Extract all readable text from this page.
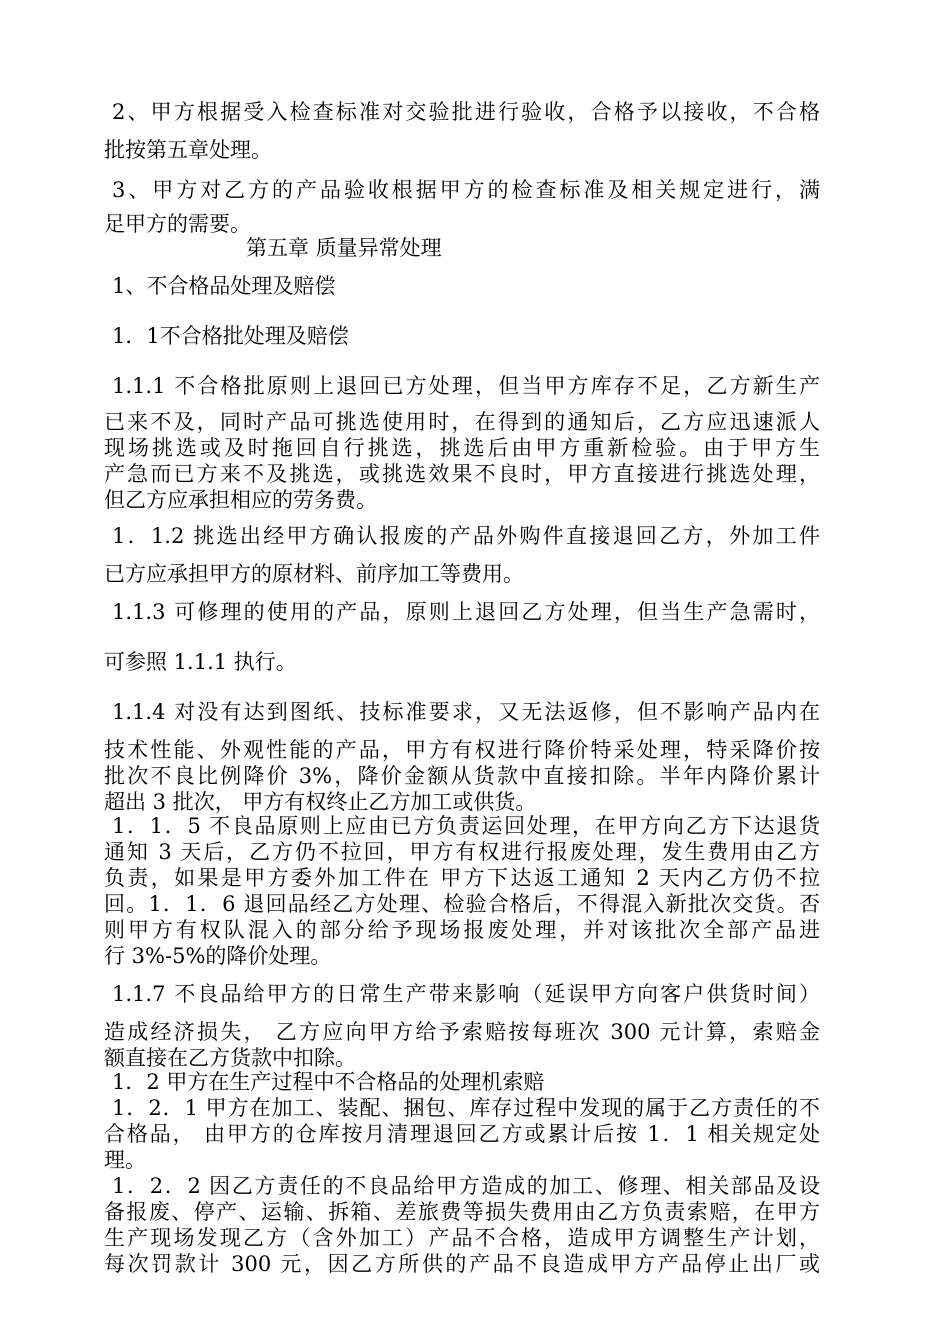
第五章 质量异常处理
2、甲方根据受入检查标准对交验批进行验收，合格予以接收，不合格
批按第五章处理。
3、甲方对乙方的产品验收根据甲方的检查标准及相关规定进行，满
足甲方的需要。
1、不合格品处理及赔偿
1．1不合格批处理及赔偿
1.1.1 不合格批原则上退回已方处理，但当甲方库存不足，乙方新生产
已来不及，同时产品可挑选使用时，在得到的通知后，乙方应迅速派人
现场挑选或及时拖回自行挑选，挑选后由甲方重新检验。由于甲方生
产急而已方来不及挑选，或挑选效果不良时，甲方直接进行挑选处理，
但乙方应承担相应的劳务费。
1．1.2 挑选出经甲方确认报废的产品外购件直接退回乙方，外加工件
已方应承担甲方的原材料、前序加工等费用。
1.1.3 可修理的使用的产品，原则上退回乙方处理，但当生产急需时，
可参照 1.1.1 执行。
1.1.4 对没有达到图纸、技标准要求，又无法返修，但不影响产品内在
技术性能、外观性能的产品，甲方有权进行降价特采处理，特采降价按
批次不良比例降价 3%，降价金额从货款中直接扣除。半年内降价累计
超出 3 批次， 甲方有权终止乙方加工或供货。
1．1．5 不良品原则上应由已方负责运回处理，在甲方向乙方下达退货
通知 3 天后，乙方仍不拉回，甲方有权进行报废处理，发生费用由乙方
负责，如果是甲方委外加工件在 甲方下达返工通知 2 天内乙方仍不拉
回。1．1．6 退回品经乙方处理、检验合格后，不得混入新批次交货。否
则甲方有权队混入的部分给予现场报废处理，并对该批次全部产品进
行 3%-5%的降价处理。
1.1.7 不良品给甲方的日常生产带来影响（延误甲方向客户供货时间）
造成经济损失， 乙方应向甲方给予索赔按每班次 300 元计算，索赔金
额直接在乙方货款中扣除。
1．2 甲方在生产过程中不合格品的处理机索赔
1．2．1 甲方在加工、装配、捆包、库存过程中发现的属于乙方责任的不
合格品， 由甲方的仓库按月清理退回乙方或累计后按 1．1 相关规定处
理。
1．2．2 因乙方责任的不良品给甲方造成的加工、修理、相关部品及设
备报废、停产、运输、拆箱、差旅费等损失费用由乙方负责索赔，在甲方
生产现场发现乙方（含外加工）产品不合格，造成甲方调整生产计划，
每次罚款计 300 元，因乙方所供的产品不良造成甲方产品停止出厂或
